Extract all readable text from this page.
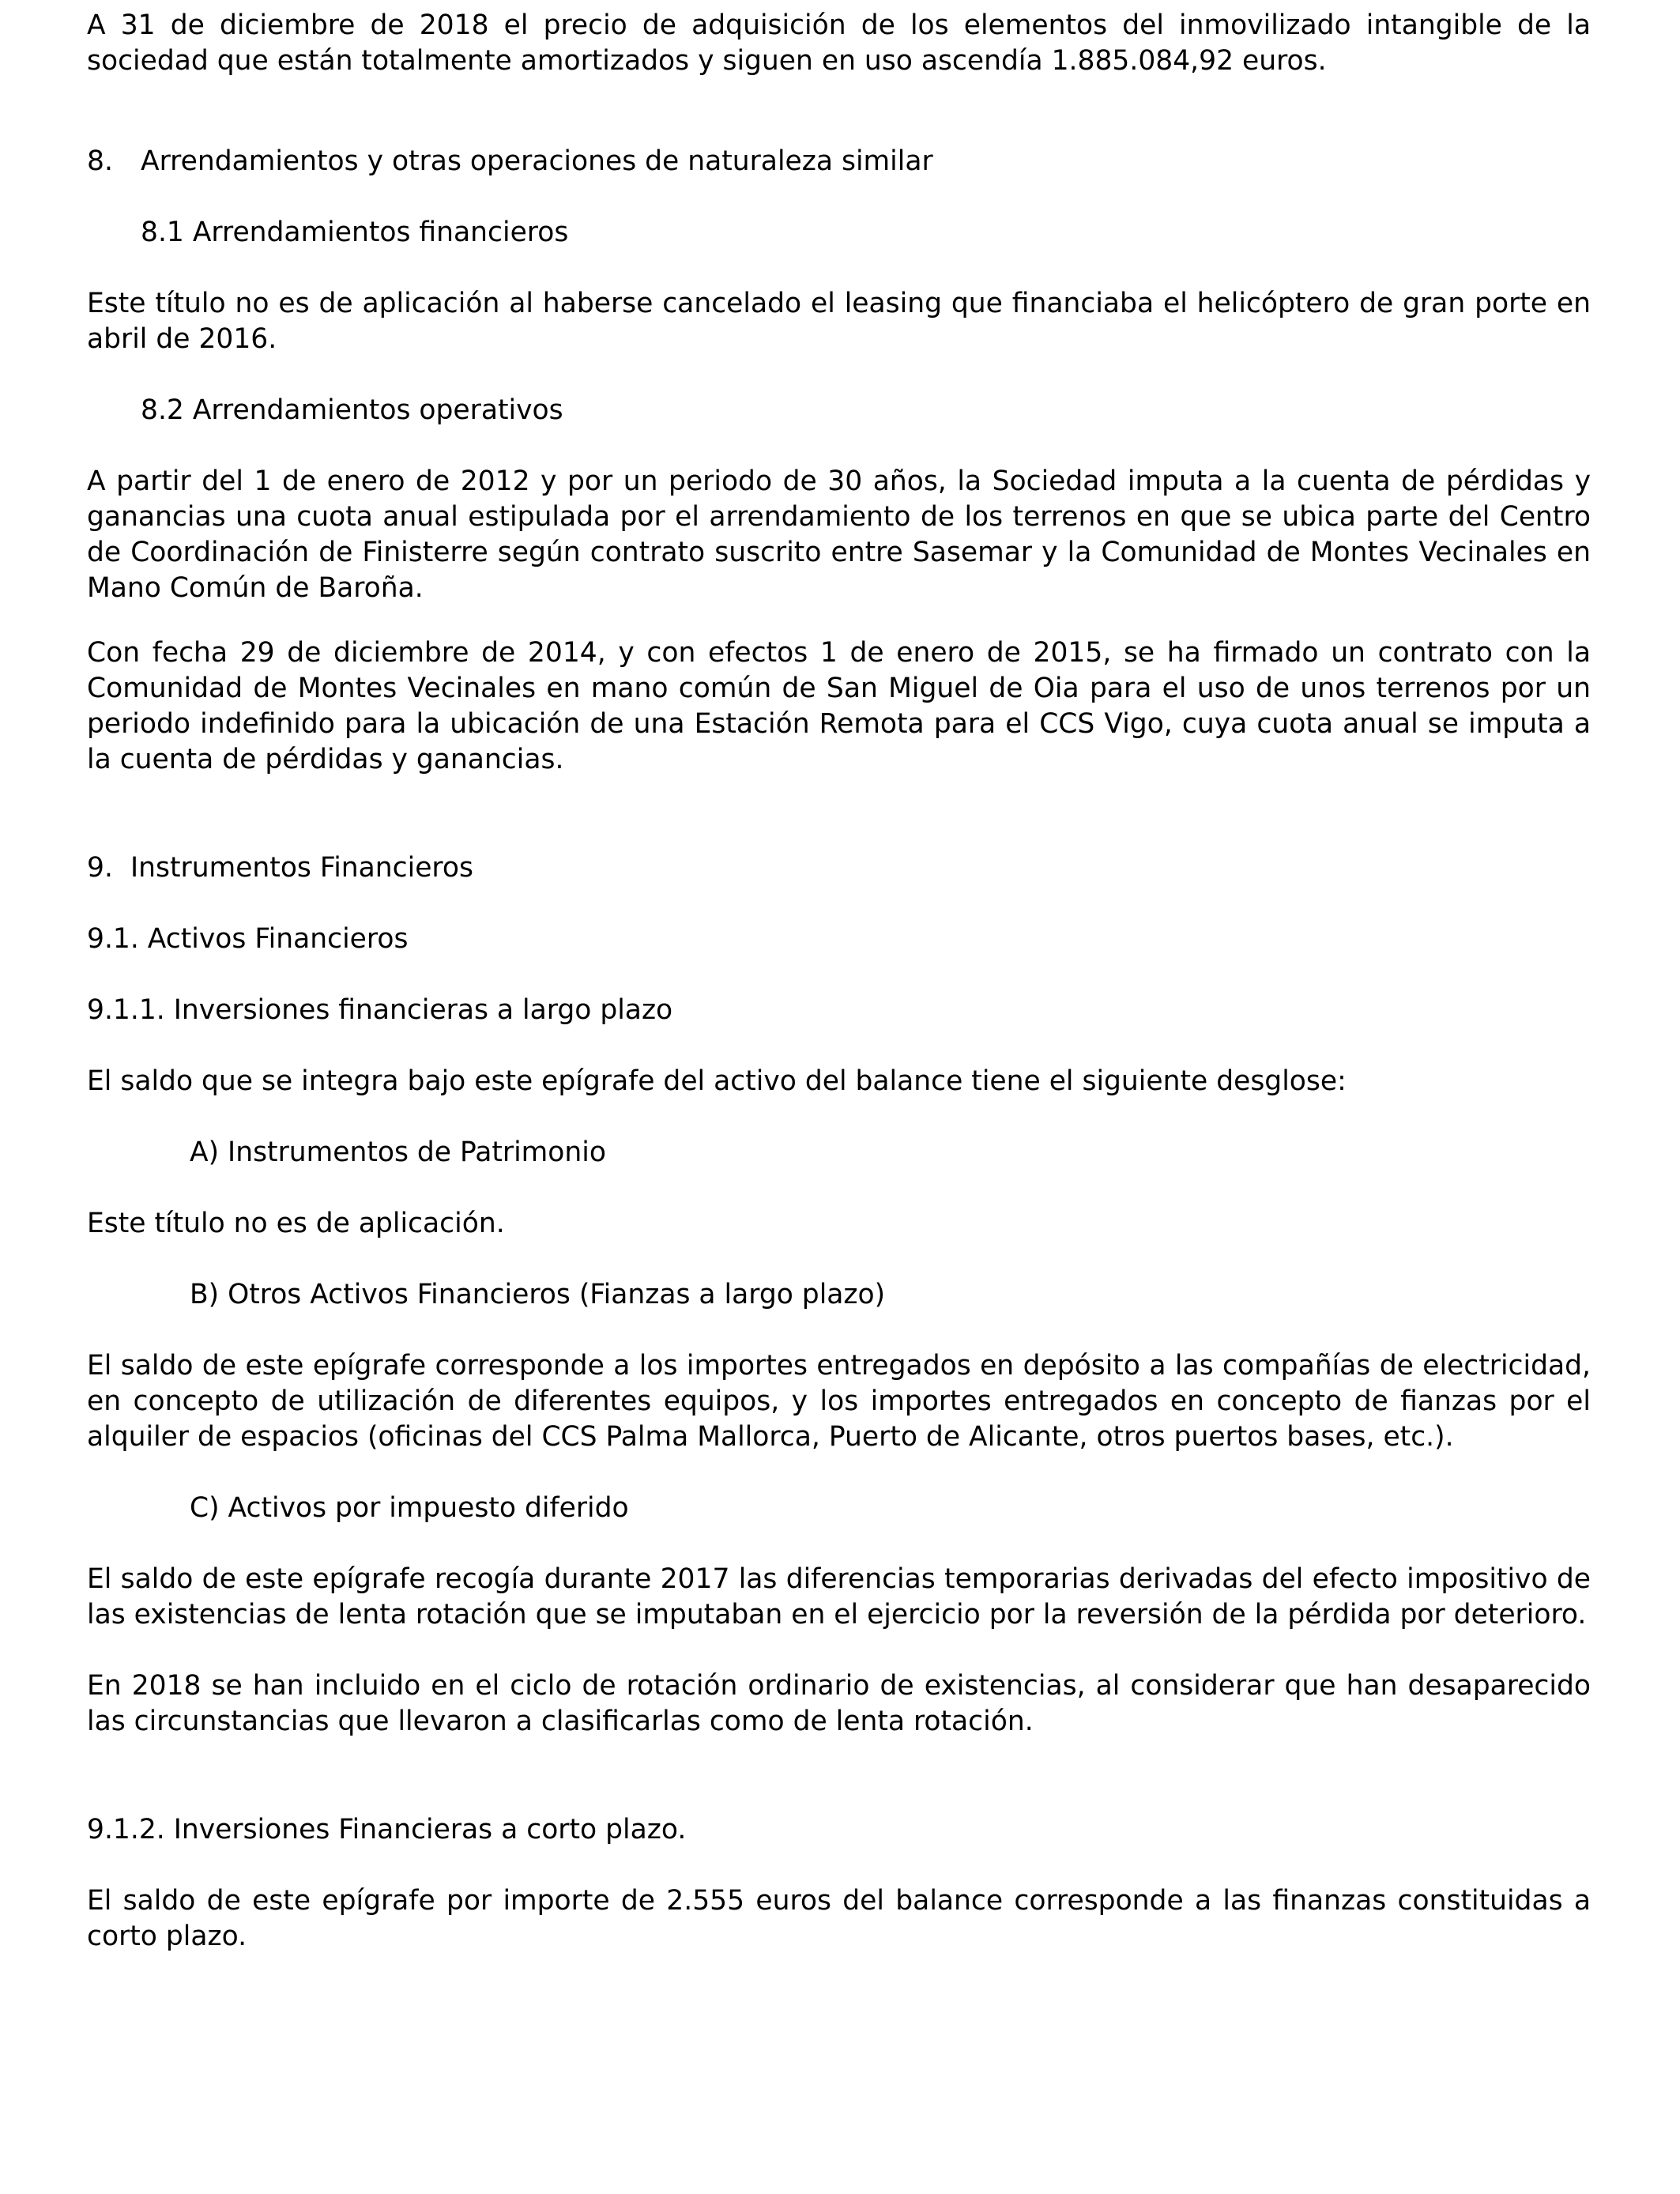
A 31 de diciembre de 2018 el precio de adquisición de los elementos del inmovilizado intangible de la sociedad que están totalmente amortizados y siguen en uso ascendía 1.885.084,92 euros.

8. Arrendamientos y otras operaciones de naturaleza similar
8.1 Arrendamientos financieros

Este título no es de aplicación al haberse cancelado el leasing que financiaba el helicóptero de gran porte en abril de 2016.

8.2 Arrendamientos operativos

A partir del 1 de enero de 2012 y por un periodo de 30 años, la Sociedad imputa a la cuenta de pérdidas y ganancias una cuota anual estipulada por el arrendamiento de los terrenos en que se ubica parte del Centro de Coordinación de Finisterre según contrato suscrito entre Sasemar y la Comunidad de Montes Vecinales en Mano Común de Baroña.

Con fecha 29 de diciembre de 2014, y con efectos 1 de enero de 2015, se ha firmado un contrato con la Comunidad de Montes Vecinales en mano común de San Miguel de Oia para el uso de unos terrenos por un periodo indefinido para la ubicación de una Estación Remota para el CCS Vigo, cuya cuota anual se imputa a la cuenta de pérdidas y ganancias.

9. Instrumentos Financieros
9.1. Activos Financieros
9.1.1. Inversiones financieras a largo plazo

El saldo que se integra bajo este epígrafe del activo del balance tiene el siguiente desglose:

A) Instrumentos de Patrimonio

Este título no es de aplicación.

B) Otros Activos Financieros (Fianzas a largo plazo)

El saldo de este epígrafe corresponde a los importes entregados en depósito a las compañías de electricidad, en concepto de utilización de diferentes equipos, y los importes entregados en concepto de fianzas por el alquiler de espacios (oficinas del CCS Palma Mallorca, Puerto de Alicante, otros puertos bases, etc.).

C) Activos por impuesto diferido

El saldo de este epígrafe recogía durante 2017 las diferencias temporarias derivadas del efecto impositivo de las existencias de lenta rotación que se imputaban en el ejercicio por la reversión de la pérdida por deterioro.

En 2018 se han incluido en el ciclo de rotación ordinario de existencias, al considerar que han desaparecido las circunstancias que llevaron a clasificarlas como de lenta rotación.

9.1.2. Inversiones Financieras a corto plazo.

El saldo de este epígrafe por importe de 2.555 euros del balance corresponde a las finanzas constituidas a corto plazo.
